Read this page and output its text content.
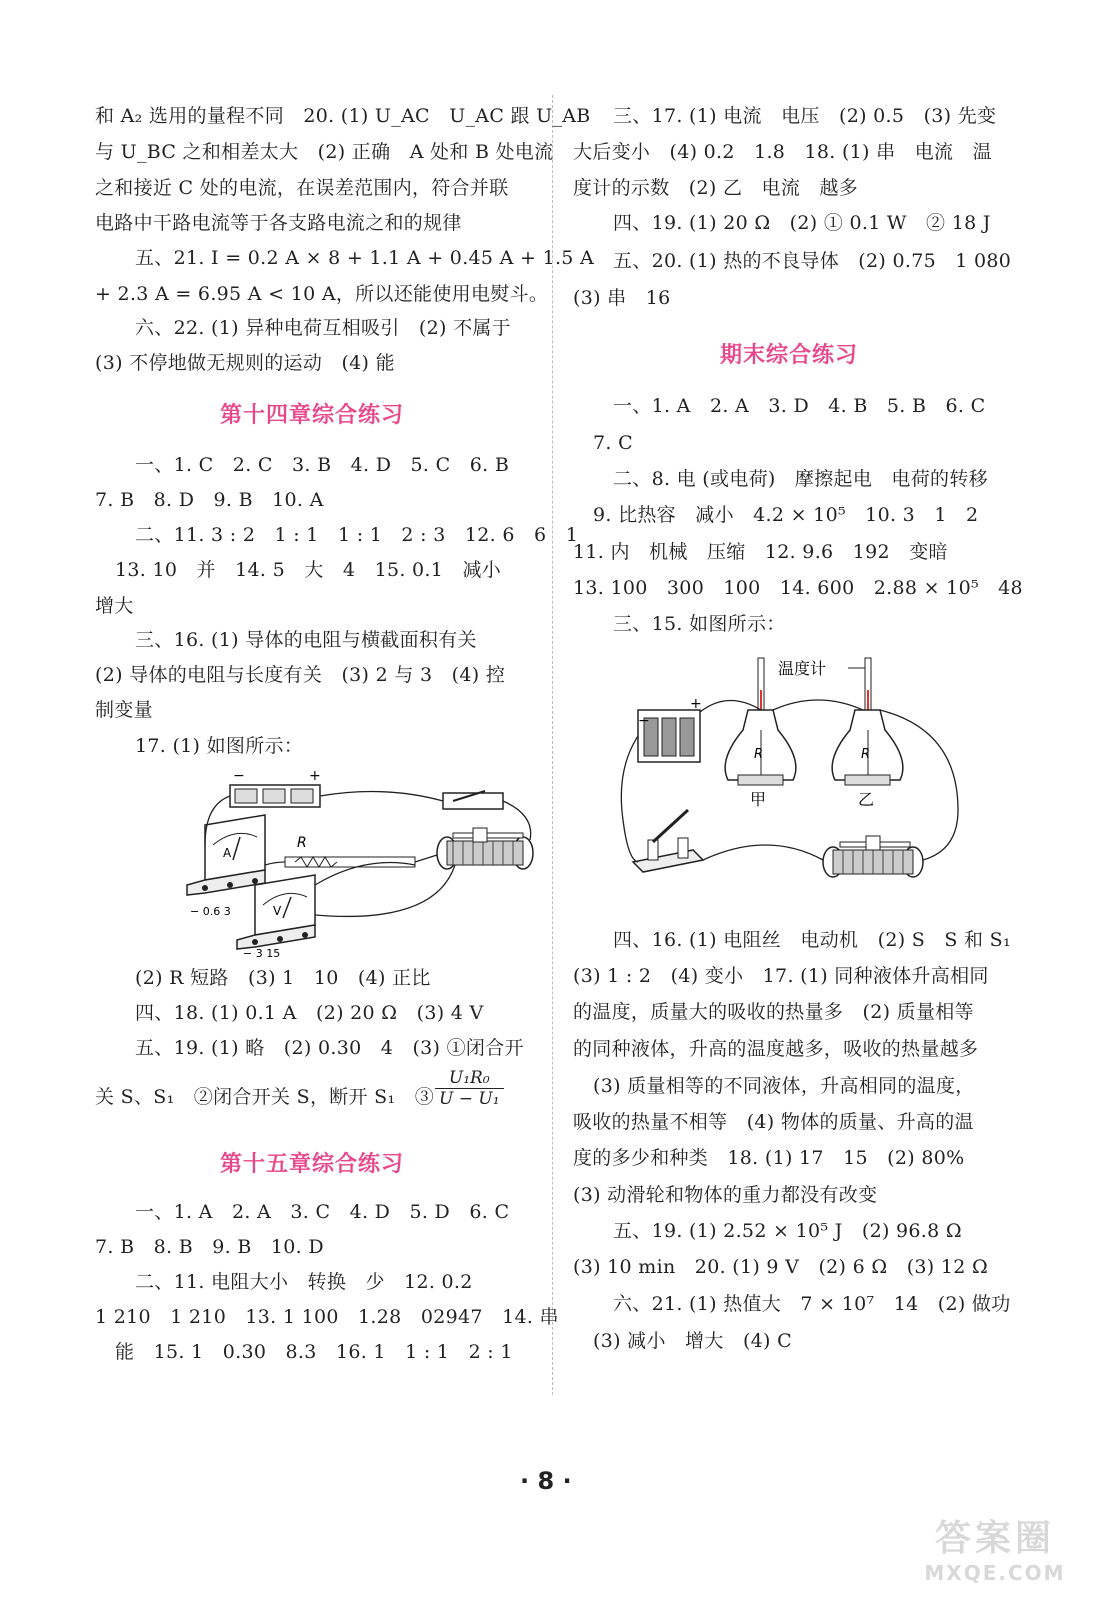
和 A₂ 选用的量程不同　20. (1) U_AC　U_AC 跟 U_AB
与 U_BC 之和相差太大　(2) 正确　A 处和 B 处电流
之和接近 C 处的电流，在误差范围内，符合并联
电路中干路电流等于各支路电流之和的规律
五、21. I = 0.2 A × 8 + 1.1 A + 0.45 A + 1.5 A
+ 2.3 A = 6.95 A < 10 A，所以还能使用电熨斗。
六、22. (1) 异种电荷互相吸引　(2) 不属于
(3) 不停地做无规则的运动　(4) 能
第十四章综合练习
一、1. C　2. C　3. B　4. D　5. C　6. B
7. B　8. D　9. B　10. A
二、11. 3 : 2　1 : 1　1 : 1　2 : 3　12. 6　6　1
13. 10　并　14. 5　大　4　15. 0.1　减小
增大
三、16. (1) 导体的电阻与横截面积有关
(2) 导体的电阻与长度有关　(3) 2 与 3　(4) 控
制变量
17. (1) 如图所示：
−	+
A
− 0.6 3
R
V
− 3 15
(2) R 短路　(3) 1　10　(4) 正比
四、18. (1) 0.1 A　(2) 20 Ω　(3) 4 V
五、19. (1) 略　(2) 0.30　4　(3) ①闭合开
关 S、S₁　②闭合开关 S，断开 S₁　③ $\frac{\text{U₁R₀}}{\text{U − U₁}}$
第十五章综合练习
一、1. A　2. A　3. C　4. D　5. D　6. C
7. B　8. B　9. B　10. D
二、11. 电阻大小　转换　少　12. 0.2
1 210　1 210　13. 1 100　1.28　02947　14. 串
能　15. 1　0.30　8.3　16. 1　1 : 1　2 : 1
三、17. (1) 电流　电压　(2) 0.5　(3) 先变
大后变小　(4) 0.2　1.8　18. (1) 串　电流　温
度计的示数　(2) 乙　电流　越多
四、19. (1) 20 Ω　(2) ① 0.1 W　② 18 J
五、20. (1) 热的不良导体　(2) 0.75　1 080
(3) 串　16
期末综合练习
一、1. A　2. A　3. D　4. B　5. B　6. C
7. C
二、8. 电 (或电荷)　摩擦起电　电荷的转移
9. 比热容　减小　4.2 × 10⁵　10. 3　1　2
11. 内　机械　压缩　12. 9.6　192　变暗
13. 100　300　100　14. 600　2.88 × 10⁵　48
三、15. 如图所示：
−
+
温度计
R
甲
R
乙
四、16. (1) 电阻丝　电动机　(2) S　S 和 S₁
(3) 1 : 2　(4) 变小　17. (1) 同种液体升高相同
的温度，质量大的吸收的热量多　(2) 质量相等
的同种液体，升高的温度越多，吸收的热量越多
(3) 质量相等的不同液体，升高相同的温度，
吸收的热量不相等　(4) 物体的质量、升高的温
度的多少和种类　18. (1) 17　15　(2) 80%
(3) 动滑轮和物体的重力都没有改变
五、19. (1) 2.52 × 10⁵ J　(2) 96.8 Ω
(3) 10 min　20. (1) 9 V　(2) 6 Ω　(3) 12 Ω
六、21. (1) 热值大　7 × 10⁷　14　(2) 做功
(3) 减小　增大　(4) C
· 8 ·
答案圈
MXQE.COM
